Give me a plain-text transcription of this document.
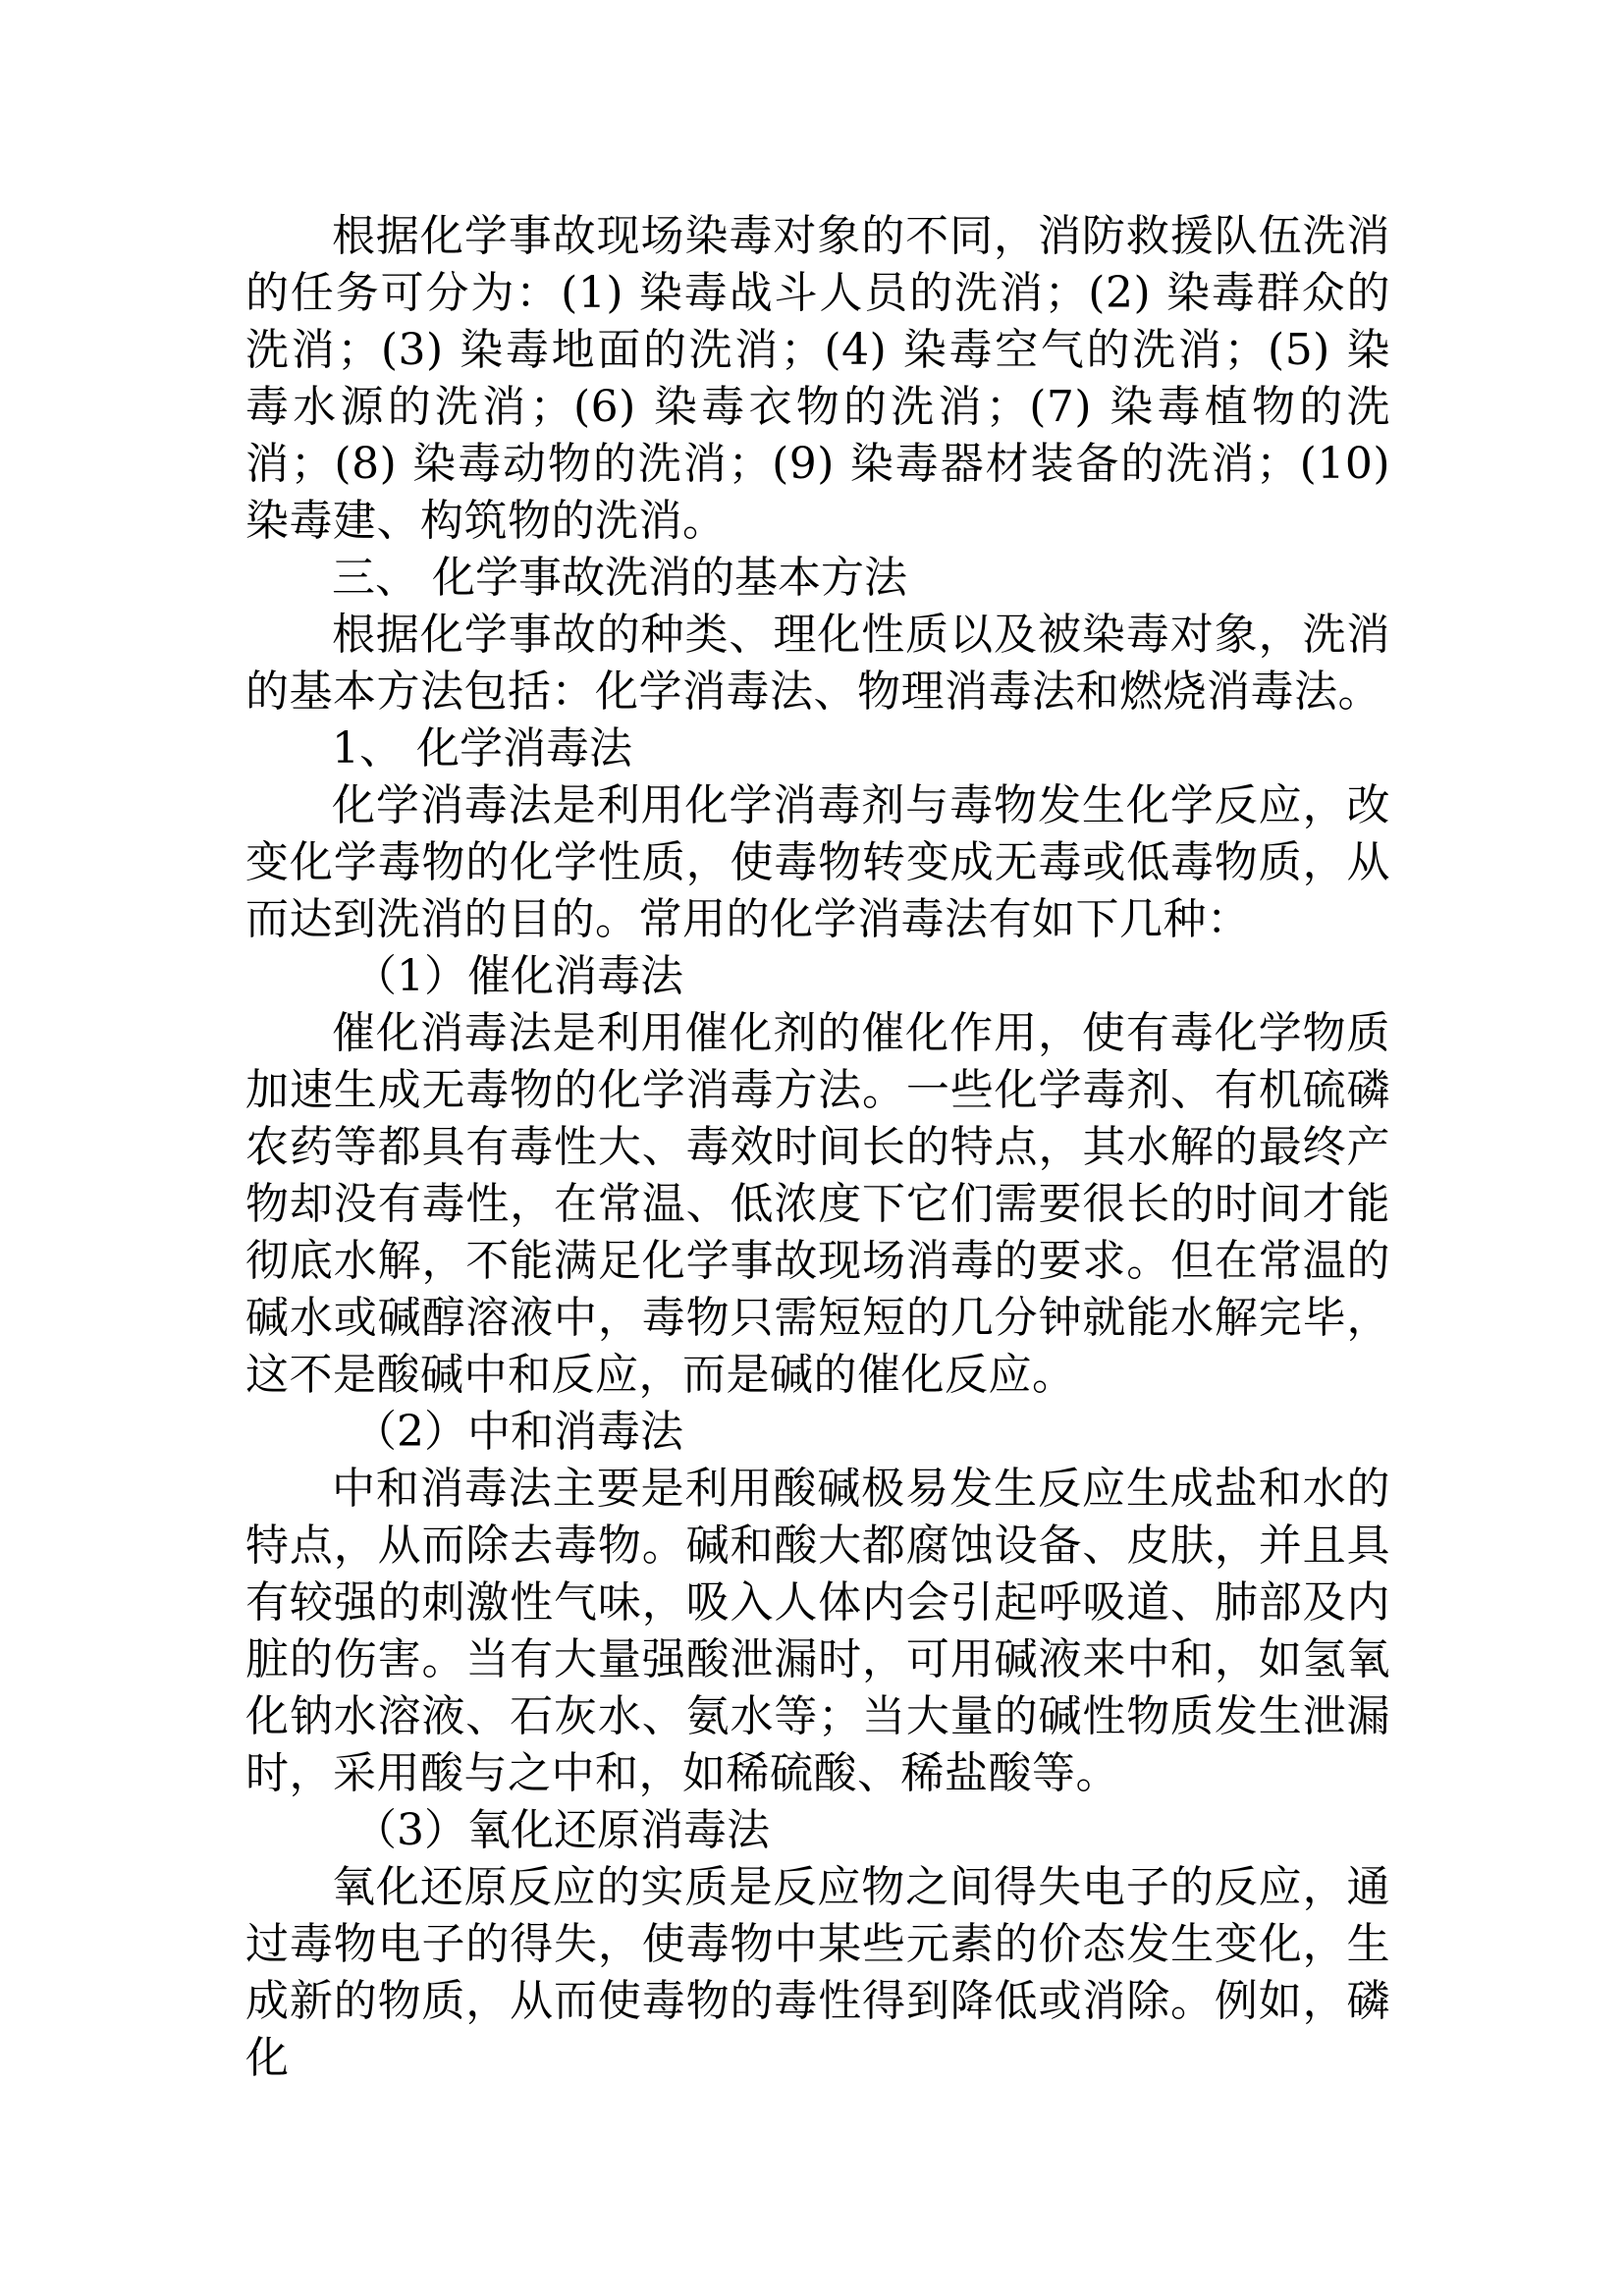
根据化学事故现场染毒对象的不同，消防救援队伍洗消的任务可分为：(1) 染毒战斗人员的洗消；(2) 染毒群众的洗消；(3) 染毒地面的洗消；(4) 染毒空气的洗消；(5) 染毒水源的洗消；(6) 染毒衣物的洗消；(7) 染毒植物的洗消；(8) 染毒动物的洗消；(9) 染毒器材装备的洗消；(10) 染毒建、构筑物的洗消。

三、 化学事故洗消的基本方法

根据化学事故的种类、理化性质以及被染毒对象，洗消的基本方法包括：化学消毒法、物理消毒法和燃烧消毒法。

1、 化学消毒法

化学消毒法是利用化学消毒剂与毒物发生化学反应，改变化学毒物的化学性质，使毒物转变成无毒或低毒物质，从而达到洗消的目的。常用的化学消毒法有如下几种：

（1）催化消毒法

催化消毒法是利用催化剂的催化作用，使有毒化学物质加速生成无毒物的化学消毒方法。一些化学毒剂、有机硫磷农药等都具有毒性大、毒效时间长的特点，其水解的最终产物却没有毒性，在常温、低浓度下它们需要很长的时间才能彻底水解，不能满足化学事故现场消毒的要求。但在常温的碱水或碱醇溶液中，毒物只需短短的几分钟就能水解完毕，这不是酸碱中和反应，而是碱的催化反应。

（2）中和消毒法

中和消毒法主要是利用酸碱极易发生反应生成盐和水的特点，从而除去毒物。碱和酸大都腐蚀设备、皮肤，并且具有较强的刺激性气味，吸入人体内会引起呼吸道、肺部及内脏的伤害。当有大量强酸泄漏时，可用碱液来中和，如氢氧化钠水溶液、石灰水、氨水等；当大量的碱性物质发生泄漏时，采用酸与之中和，如稀硫酸、稀盐酸等。

（3）氧化还原消毒法

氧化还原反应的实质是反应物之间得失电子的反应，通过毒物电子的得失，使毒物中某些元素的价态发生变化，生成新的物质，从而使毒物的毒性得到降低或消除。例如，磷化
